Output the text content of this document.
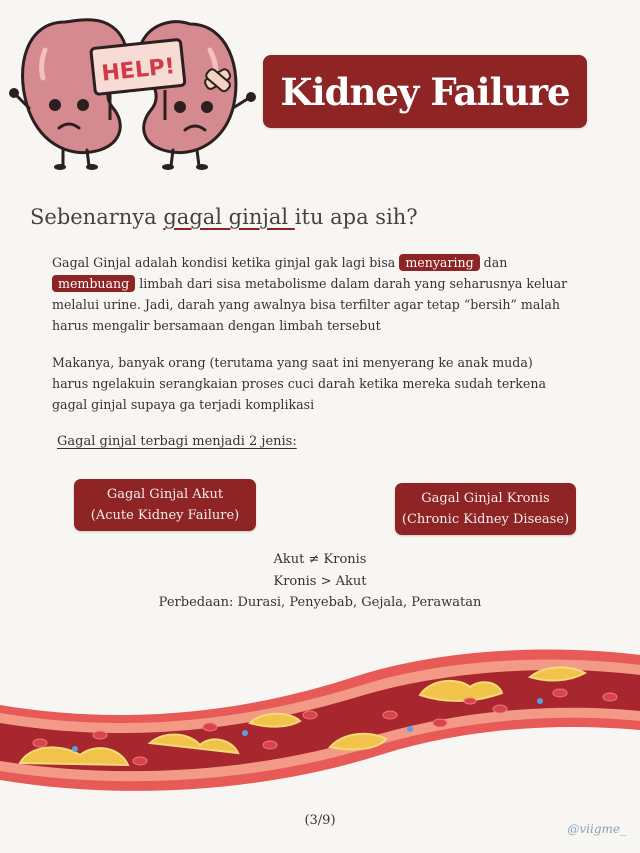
HELP!	Kidney Failure
Sebenarnya gagal ginjal itu apa sih?
Gagal Ginjal adalah kondisi ketika ginjal gak lagi bisa menyaring dan membuang limbah dari sisa metabolisme dalam darah yang seharusnya keluar melalui urine. Jadi, darah yang awalnya bisa terfilter agar tetap “bersih” malah harus mengalir bersamaan dengan limbah tersebut
Makanya, banyak orang (terutama yang saat ini menyerang ke anak muda) harus ngelakuin serangkaian proses cuci darah ketika mereka sudah terkena gagal ginjal supaya ga terjadi komplikasi
Gagal ginjal terbagi menjadi 2 jenis:
Gagal Ginjal Akut
(Acute Kidney Failure)
Gagal Ginjal Kronis
(Chronic Kidney Disease)
Akut ≠ Kronis
Kronis > Akut
Perbedaan: Durasi, Penyebab, Gejala, Perawatan
(3/9)
@viigme_
